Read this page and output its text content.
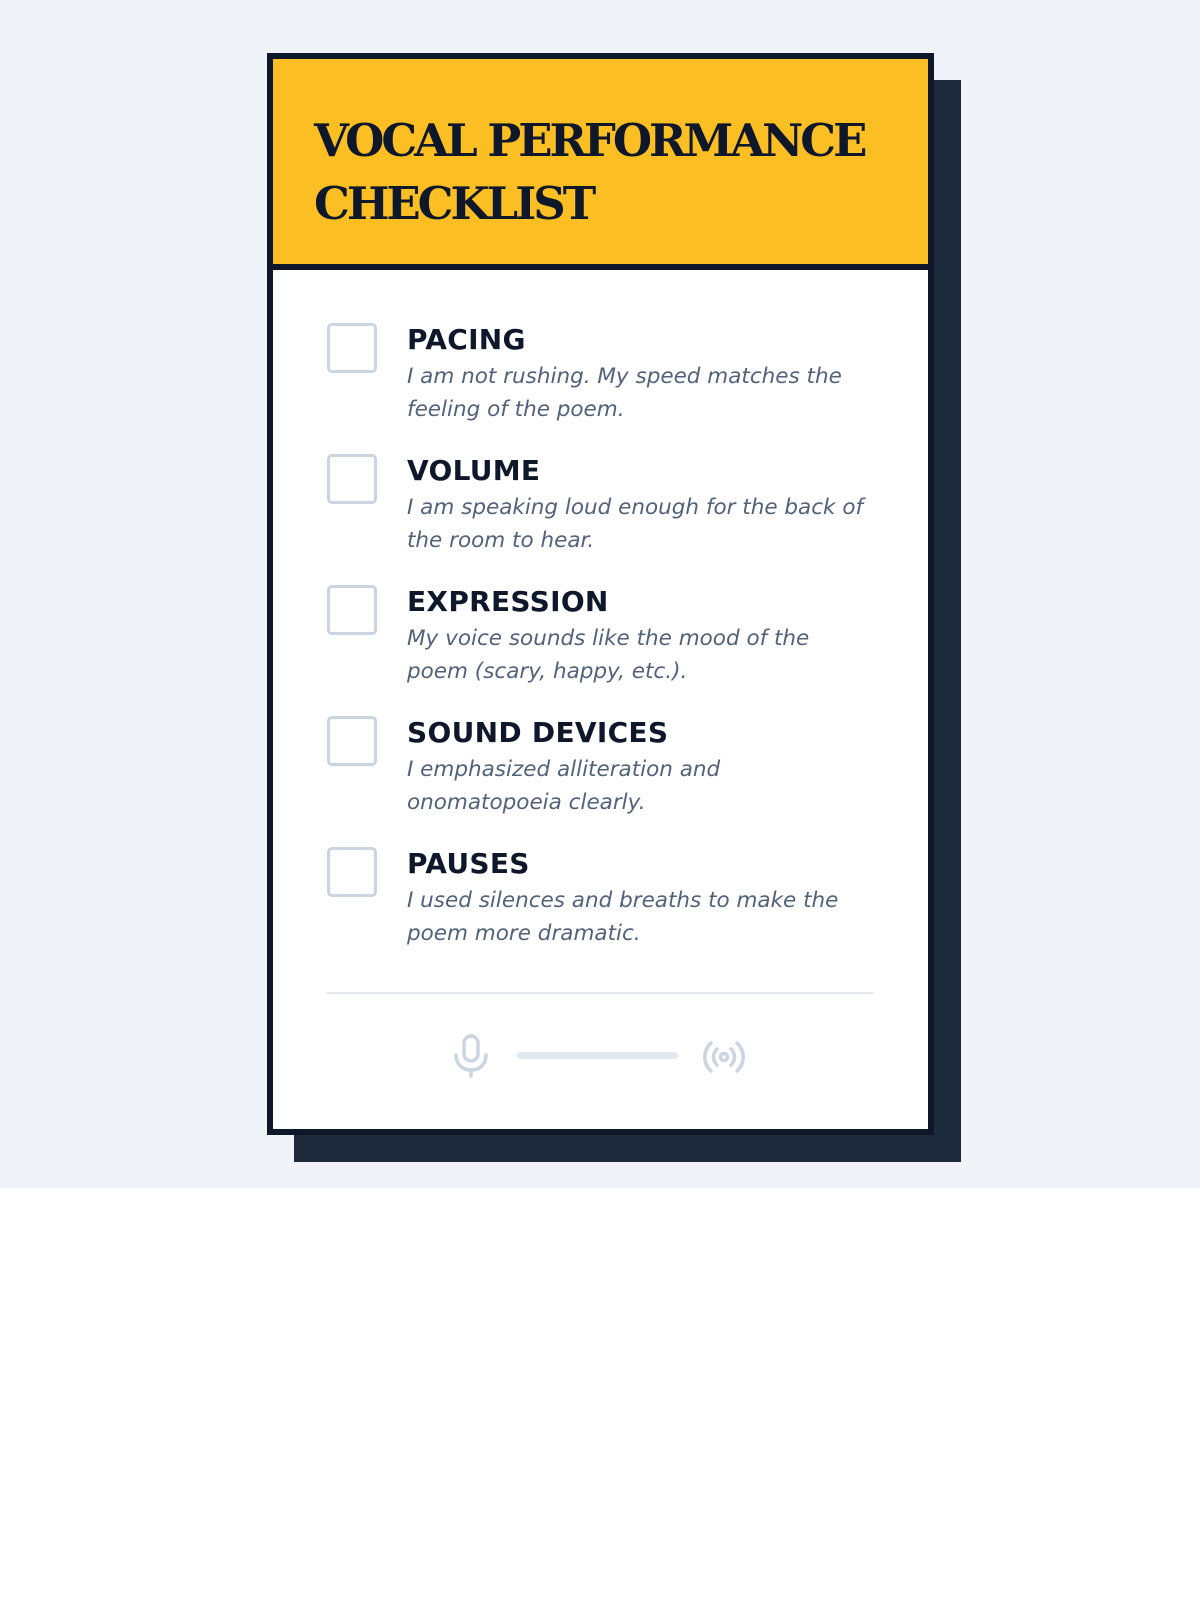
VOCAL PERFORMANCE CHECKLIST
PACING
I am not rushing. My speed matches the feeling of the poem.
VOLUME
I am speaking loud enough for the back of the room to hear.
EXPRESSION
My voice sounds like the mood of the poem (scary, happy, etc.).
SOUND DEVICES
I emphasized alliteration and onomatopoeia clearly.
PAUSES
I used silences and breaths to make the poem more dramatic.
